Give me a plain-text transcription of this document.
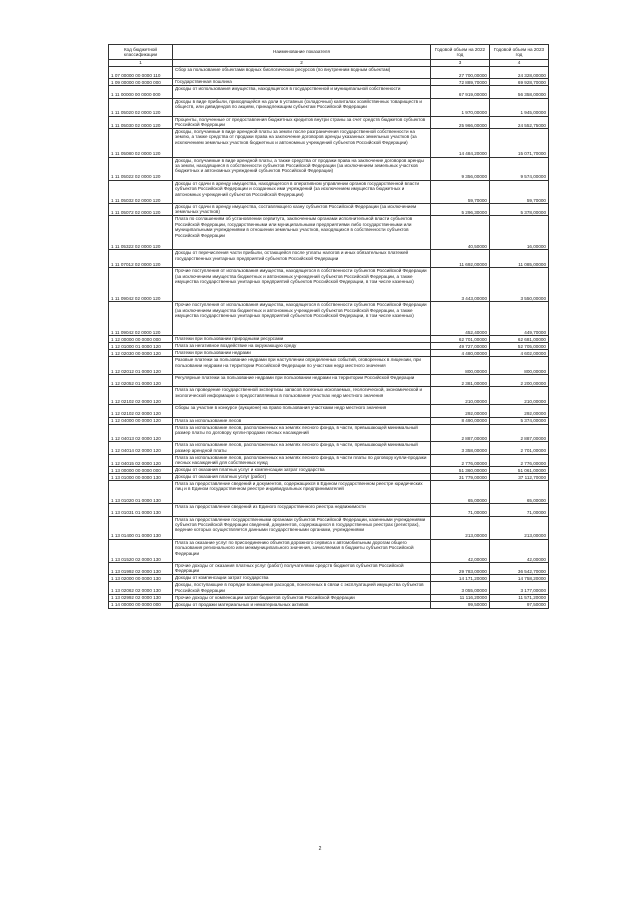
Код бюджетной классификации	Наименование показателя	Годовой объем на 2022 год	Годовой объем на 2023 год
1	2	3	4
1 07 00000 00 0000 110	Сбор за пользование объектами водных биологических ресурсов (по внутренним водным объектам)	27 700,00000	24 328,00000
1 09 00000 00 0000 000	Государственная пошлина	72 889,70000	69 928,70000
1 11 00000 00 0000 000	Доходы от использования имущества, находящегося в государственной и муниципальной собственности	67 919,00000	56 358,00000
1 11 05020 02 0000 120	Доходы в виде прибыли, приходящейся на доли в уставных (складочных) капиталах хозяйственных товариществ и обществ, или дивидендов по акциям, принадлежащим субъектам Российской Федерации	1 970,00000	1 945,00000
1 11 05030 02 0000 120	Проценты, полученные от предоставления бюджетных кредитов внутри страны за счет средств бюджетов субъектов Российской Федерации	25 966,00000	24 552,75000
1 11 05080 02 0000 120	Доходы, получаемые в виде арендной платы за земли после разграничения государственной собственности на землю, а также средства от продажи права на заключение договоров аренды указанных земельных участков (за исключением земельных участков бюджетных и автономных учреждений субъектов Российской Федерации)	14 484,20000	15 071,70000
1 11 05022 02 0000 120	Доходы, получаемые в виде арендной платы, а также средства от продажи права на заключение договоров аренды за земли, находящиеся в собственности субъектов Российской Федерации (за исключением земельных участков бюджетных и автономных учреждений субъектов Российской Федерации)	9 356,00000	9 574,00000
1 11 05032 02 0000 120	Доходы от сдачи в аренду имущества, находящегося в оперативном управлении органов государственной власти субъектов Российской Федерации и созданных ими учреждений (за исключением имущества бюджетных и автономных учреждений субъектов Российской Федерации)	59,70000	59,70000
1 11 05072 02 0000 120	Доходы от сдачи в аренду имущества, составляющего казну субъектов Российской Федерации (за исключением земельных участков)	5 296,30000	5 378,00000
1 11 05322 02 0000 120	Плата по соглашениям об установлении сервитута, заключенным органами исполнительной власти субъектов Российской Федерации, государственными или муниципальными предприятиями либо государственными или муниципальными учреждениями в отношении земельных участков, находящихся в собственности субъектов Российской Федерации	40,50000	16,00000
1 11 07012 02 0000 120	Доходы от перечисления части прибыли, остающейся после уплаты налогов и иных обязательных платежей государственных унитарных предприятий субъектов Российской Федерации	11 692,00000	11 085,00000
1 11 09042 02 0000 120	Прочие поступления от использования имущества, находящегося в собственности субъектов Российской Федерации (за исключением имущества бюджетных и автономных учреждений субъектов Российской Федерации, а также имущества государственных унитарных предприятий субъектов Российской Федерации, в том числе казенных)	3 443,00000	3 550,00000
1 11 09042 02 0000 120	Прочие поступления от использования имущества, находящегося в собственности субъектов Российской Федерации (за исключением имущества бюджетных и автономных учреждений субъектов Российской Федерации, а также имущества государственных унитарных предприятий субъектов Российской Федерации, в том числе казенных)	452,40000	449,70000
1 12 00000 00 0000 000	Платежи при пользовании природными ресурсами	62 701,00000	62 681,00000
1 12 01000 01 0000 120	Плата за негативное воздействие на окружающую среду	49 727,00000	52 705,00000
1 12 02030 00 0000 120	Платежи при пользовании недрами	4 480,00000	4 602,00000
1 12 02012 01 0000 120	Разовые платежи за пользование недрами при наступлении определенных событий, оговоренных в лицензии, при пользовании недрами на территории Российской Федерации по участкам недр местного значения	800,00000	800,00000
1 12 02052 01 0000 120	Регулярные платежи за пользование недрами при пользовании недрами на территории Российской Федерации	2 381,00000	2 200,00000
1 12 02102 02 0000 120	Плата за проведение государственной экспертизы запасов полезных ископаемых, геологической, экономической и экологической информации о предоставляемых в пользование участках недр местного значения	210,00000	210,00000
1 12 02102 02 0000 120	Сборы за участие в конкурсе (аукционе) на право пользования участками недр местного значения	292,00000	292,00000
1 12 04000 00 0000 120	Плата за использование лесов	8 490,00000	5 374,00000
1 12 04013 02 0000 120	Плата за использование лесов, расположенных на землях лесного фонда, в части, превышающей минимальный размер платы по договору купли-продажи лесных насаждений	2 887,00000	2 887,00000
1 12 04014 02 0000 120	Плата за использование лесов, расположенных на землях лесного фонда, в части, превышающей минимальный размер арендной платы	3 358,00000	2 701,00000
1 12 04015 02 0000 120	Плата за использование лесов, расположенных на землях лесного фонда, в части платы по договору купли-продажи лесных насаждений для собственных нужд	2 776,00000	2 776,00000
1 13 00000 00 0000 000	Доходы от оказания платных услуг и компенсации затрат государства	51 360,00000	51 061,00000
1 13 01000 00 0000 130	Доходы от оказания платных услуг (работ)	31 779,00000	37 112,70000
1 13 01020 01 0000 130	Плата за предоставление сведений и документов, содержащихся в Едином государственном реестре юридических лиц и в Едином государственном реестре индивидуальных предпринимателей	65,00000	65,00000
1 13 01031 01 0000 130	Плата за предоставление сведений из Единого государственного реестра недвижимости	71,00000	71,00000
1 13 01400 01 0000 130	Плата за предоставление государственными органами субъектов Российской Федерации, казенными учреждениями субъектов Российской Федерации сведений, документов, содержащихся в государственных реестрах (регистрах), ведение которых осуществляется данными государственными органами, учреждениями	213,00000	213,00000
1 13 01520 02 0000 130	Плата за оказание услуг по присоединению объектов дорожного сервиса к автомобильным дорогам общего пользования регионального или межмуниципального значения, зачисляемая в бюджеты субъектов Российской Федерации	42,00000	42,00000
1 13 01992 02 0000 130	Прочие доходы от оказания платных услуг (работ) получателями средств бюджетов субъектов Российской Федерации	29 783,00000	36 542,70000
1 13 02000 00 0000 130	Доходы от компенсации затрат государства	14 171,20000	14 758,20000
1 13 02062 02 0000 130	Доходы, поступающие в порядке возмещения расходов, понесенных в связи с эксплуатацией имущества субъектов Российской Федерации	3 055,00000	3 177,00000
1 13 02992 02 0000 130	Прочие доходы от компенсации затрат бюджетов субъектов Российской Федерации	11 116,20000	11 571,20000
1 14 00000 00 0000 000	Доходы от продажи материальных и нематериальных активов	99,50000	97,50000
2
